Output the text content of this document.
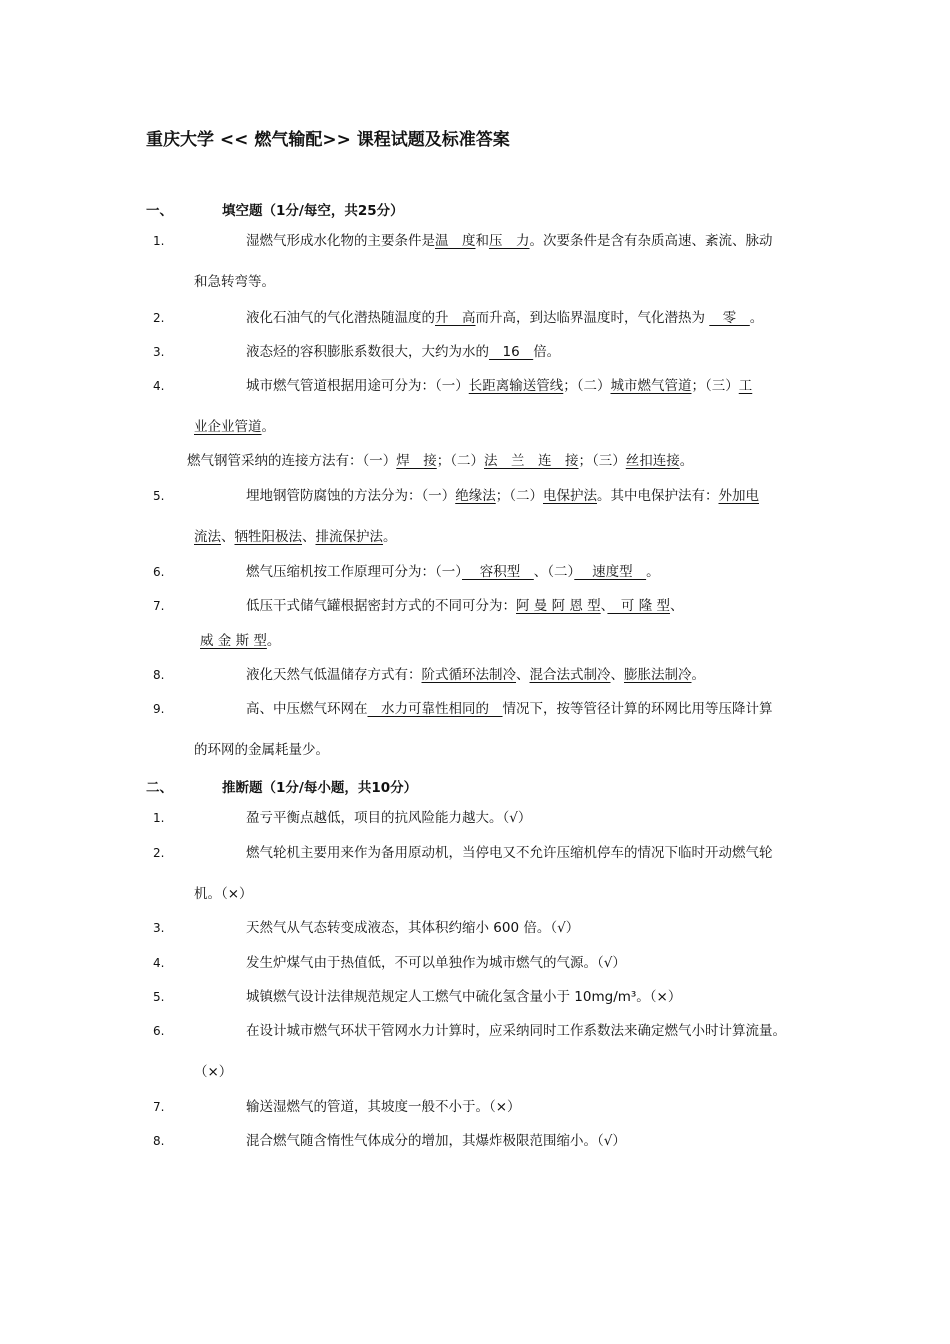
重庆大学 << 燃气输配>> 课程试题及标准答案
一、	填空题（1分/每空，共25分）
1.	湿燃气形成水化物的主要条件是温　度和压　力。次要条件是含有杂质高速、紊流、脉动
和急转弯等。
2.	液化石油气的气化潜热随温度的升　高而升高，到达临界温度时，气化潜热为 　零　。
3.	液态烃的容积膨胀系数很大，大约为水的　16　倍。
4.	城市燃气管道根据用途可分为：（一）长距离输送管线；（二）城市燃气管道；（三）工
业企业管道。
燃气钢管采纳的连接方法有：（一）焊　接；（二）法　兰　连　接；（三）丝扣连接。
5.	埋地钢管防腐蚀的方法分为：（一）绝缘法；（二）电保护法。其中电保护法有：外加电
流法、牺牲阳极法、排流保护法。
6.	燃气压缩机按工作原理可分为：（一）　 容积型　、（二）　 速度型　。
7.	低压干式储气罐根据密封方式的不同可分为：阿 曼 阿 恩 型、　可 隆 型、
威 金 斯 型。
8.	液化天然气低温储存方式有：阶式循环法制冷、混合法式制冷、膨胀法制冷。
9.	高、中压燃气环网在　水力可靠性相同的　情况下，按等管径计算的环网比用等压降计算
的环网的金属耗量少。
二、	推断题（1分/每小题，共10分）
1.	盈亏平衡点越低，项目的抗风险能力越大。（√）
2.	燃气轮机主要用来作为备用原动机，当停电又不允许压缩机停车的情况下临时开动燃气轮
机。（×）
3.	天然气从气态转变成液态，其体积约缩小 600 倍。（√）
4.	发生炉煤气由于热值低，不可以单独作为城市燃气的气源。（√）
5.	城镇燃气设计法律规范规定人工燃气中硫化氢含量小于 10mg/m³。（×）
6.	在设计城市燃气环状干管网水力计算时，应采纳同时工作系数法来确定燃气小时计算流量。
（×）
7.	输送湿燃气的管道，其坡度一般不小于。（×）
8.	混合燃气随含惰性气体成分的增加，其爆炸极限范围缩小。（√）
